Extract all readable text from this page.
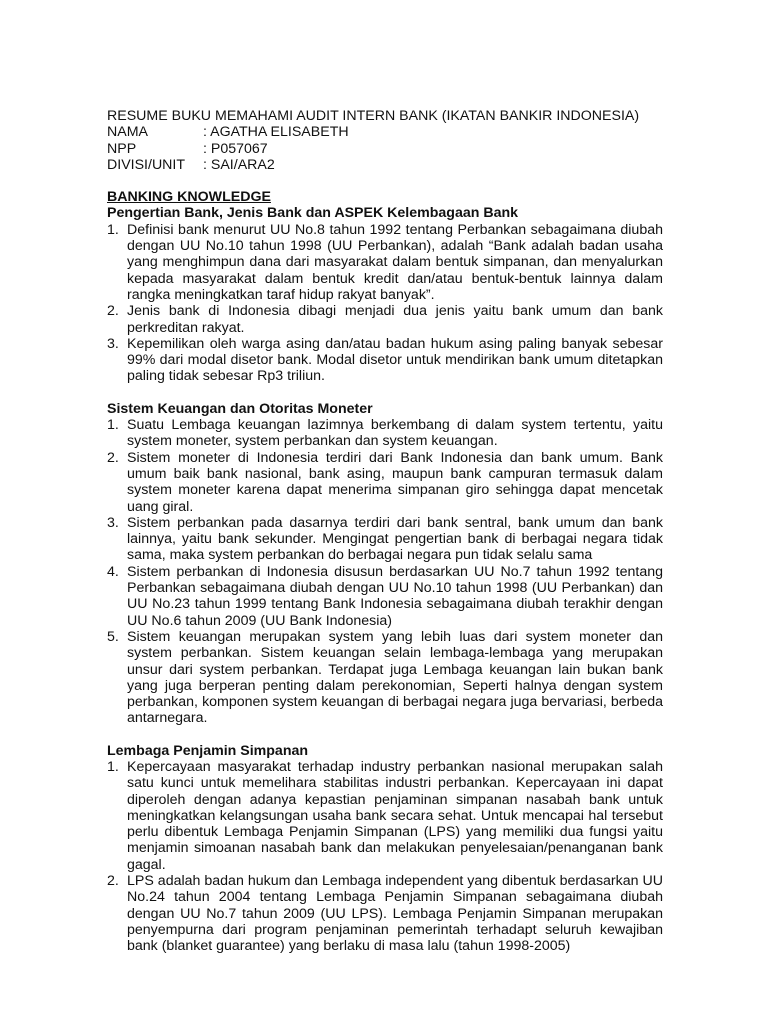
RESUME BUKU MEMAHAMI AUDIT INTERN BANK (IKATAN BANKIR INDONESIA)
NAMA	: AGATHA ELISABETH
NPP	: P057067
DIVISI/UNIT	: SAI/ARA2
BANKING KNOWLEDGE
Pengertian Bank, Jenis Bank dan ASPEK Kelembagaan Bank
1. Definisi bank menurut UU No.8 tahun 1992 tentang Perbankan sebagaimana diubah dengan UU No.10 tahun 1998 (UU Perbankan), adalah “Bank adalah badan usaha yang menghimpun dana dari masyarakat dalam bentuk simpanan, dan menyalurkan kepada masyarakat dalam bentuk kredit dan/atau bentuk-bentuk lainnya dalam rangka meningkatkan taraf hidup rakyat banyak”.
2. Jenis bank di Indonesia dibagi menjadi dua jenis yaitu bank umum dan bank perkreditan rakyat.
3. Kepemilikan oleh warga asing dan/atau badan hukum asing paling banyak sebesar 99% dari modal disetor bank. Modal disetor untuk mendirikan bank umum ditetapkan paling tidak sebesar Rp3 triliun.
Sistem Keuangan dan Otoritas Moneter
1. Suatu Lembaga keuangan lazimnya berkembang di dalam system tertentu, yaitu system moneter, system perbankan dan system keuangan.
2. Sistem moneter di Indonesia terdiri dari Bank Indonesia dan bank umum. Bank umum baik bank nasional, bank asing, maupun bank campuran termasuk dalam system moneter karena dapat menerima simpanan giro sehingga dapat mencetak uang giral.
3. Sistem perbankan pada dasarnya terdiri dari bank sentral, bank umum dan bank lainnya, yaitu bank sekunder. Mengingat pengertian bank di berbagai negara tidak sama, maka system perbankan do berbagai negara pun tidak selalu sama
4. Sistem perbankan di Indonesia disusun berdasarkan UU No.7 tahun 1992 tentang Perbankan sebagaimana diubah dengan UU No.10 tahun 1998 (UU Perbankan) dan UU No.23 tahun 1999 tentang Bank Indonesia sebagaimana diubah terakhir dengan UU No.6 tahun 2009 (UU Bank Indonesia)
5. Sistem keuangan merupakan system yang lebih luas dari system moneter dan system perbankan. Sistem keuangan selain lembaga-lembaga yang merupakan unsur dari system perbankan. Terdapat juga Lembaga keuangan lain bukan bank yang juga berperan penting dalam perekonomian, Seperti halnya dengan system perbankan, komponen system keuangan di berbagai negara juga bervariasi, berbeda antarnegara.
Lembaga Penjamin Simpanan
1. Kepercayaan masyarakat terhadap industry perbankan nasional merupakan salah satu kunci untuk memelihara stabilitas industri perbankan. Kepercayaan ini dapat diperoleh dengan adanya kepastian penjaminan simpanan nasabah bank untuk meningkatkan kelangsungan usaha bank secara sehat. Untuk mencapai hal tersebut perlu dibentuk Lembaga Penjamin Simpanan (LPS) yang memiliki dua fungsi yaitu menjamin simoanan nasabah bank dan melakukan penyelesaian/penanganan bank gagal.
2. LPS adalah badan hukum dan Lembaga independent yang dibentuk berdasarkan UU No.24 tahun 2004 tentang Lembaga Penjamin Simpanan sebagaimana diubah dengan UU No.7 tahun 2009 (UU LPS). Lembaga Penjamin Simpanan merupakan penyempurna dari program penjaminan pemerintah terhadapt seluruh kewajiban bank (blanket guarantee) yang berlaku di masa lalu (tahun 1998-2005)
